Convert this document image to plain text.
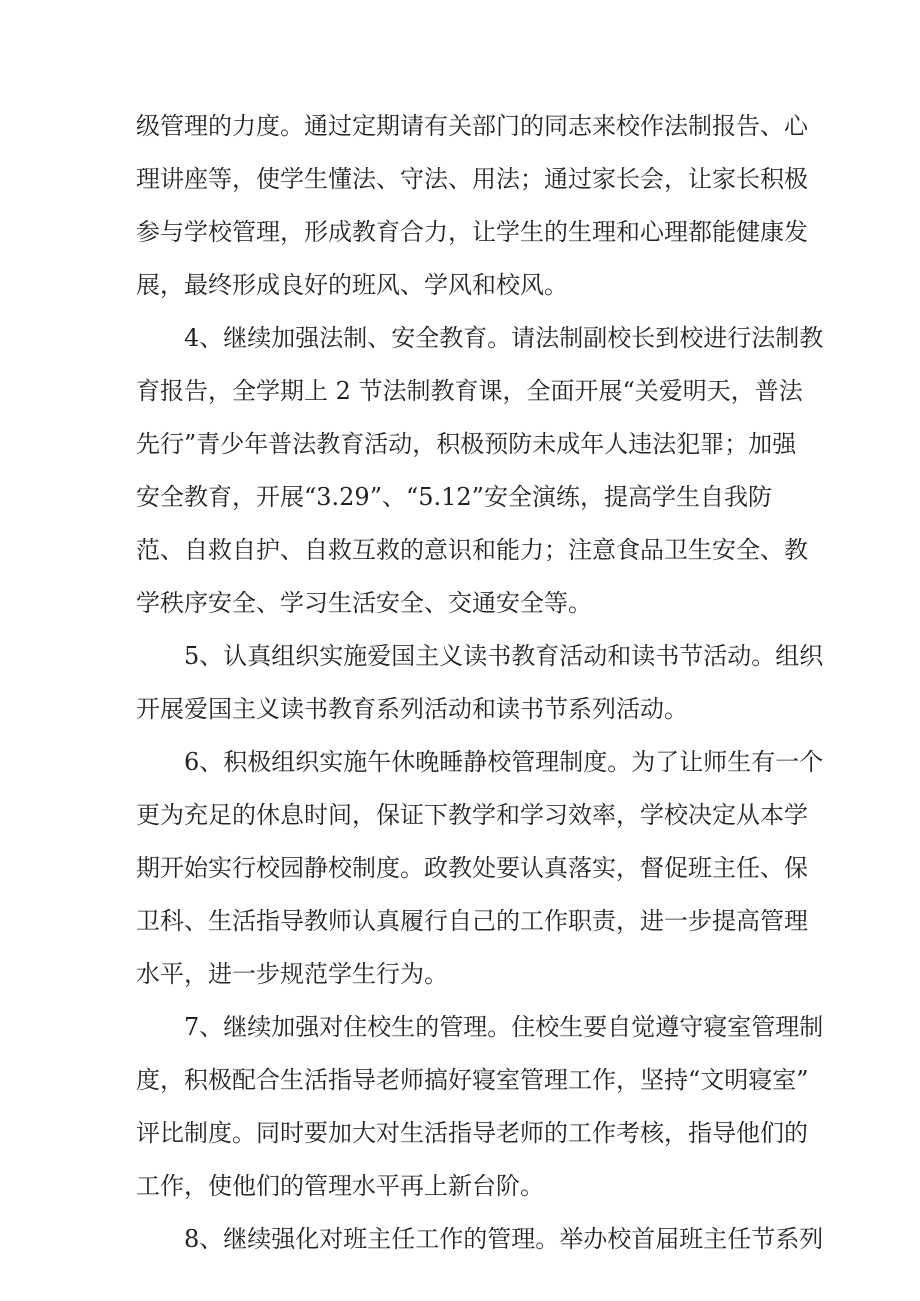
级管理的力度。通过定期请有关部门的同志来校作法制报告、心
理讲座等，使学生懂法、守法、用法；通过家长会，让家长积极
参与学校管理，形成教育合力，让学生的生理和心理都能健康发
展，最终形成良好的班风、学风和校风。
4、继续加强法制、安全教育。请法制副校长到校进行法制教
育报告，全学期上 2 节法制教育课，全面开展“关爱明天，普法
先行”青少年普法教育活动，积极预防未成年人违法犯罪；加强
安全教育，开展“3.29”、“5.12”安全演练，提高学生自我防
范、自救自护、自救互救的意识和能力；注意食品卫生安全、教
学秩序安全、学习生活安全、交通安全等。
5、认真组织实施爱国主义读书教育活动和读书节活动。组织
开展爱国主义读书教育系列活动和读书节系列活动。
6、积极组织实施午休晚睡静校管理制度。为了让师生有一个
更为充足的休息时间，保证下教学和学习效率，学校决定从本学
期开始实行校园静校制度。政教处要认真落实，督促班主任、保
卫科、生活指导教师认真履行自己的工作职责，进一步提高管理
水平，进一步规范学生行为。
7、继续加强对住校生的管理。住校生要自觉遵守寝室管理制
度，积极配合生活指导老师搞好寝室管理工作，坚持“文明寝室”
评比制度。同时要加大对生活指导老师的工作考核，指导他们的
工作，使他们的管理水平再上新台阶。
8、继续强化对班主任工作的管理。举办校首届班主任节系列
